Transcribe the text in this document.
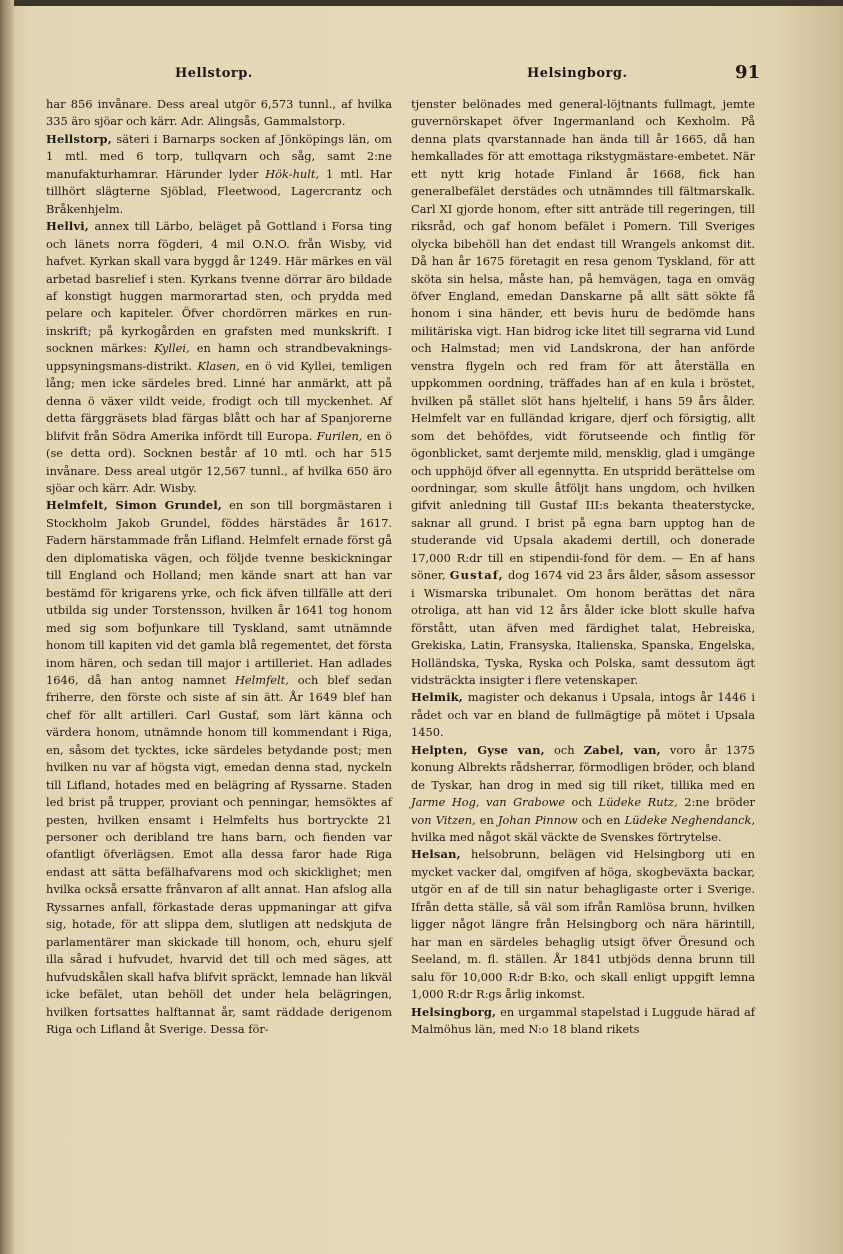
Hellstorp.	Helsingborg.	91

har 856 invånare. Dess areal utgör 6,573 tunnl., af hvilka 335 äro sjöar och kärr. Adr. Alingsås, Gammalstorp.

Hellstorp, säteri i Barnarps socken af Jönköpings län, om 1 mtl. med 6 torp, tullqvarn och såg, samt 2:ne manufakturhamrar. Härunder lyder Hök-hult, 1 mtl. Har tillhört slägterne Sjöblad, Fleetwood, Lagercrantz och Bråkenhjelm.

Hellvi, annex till Lärbo, beläget på Gottland i Forsa ting och länets norra fögderi, 4 mil O.N.O. från Wisby, vid hafvet. Kyrkan skall vara byggd år 1249. Här märkes en väl arbetad basrelief i sten. Kyrkans tvenne dörrar äro bildade af konstigt huggen marmorartad sten, och prydda med pelare och kapiteler. Öfver chordörren märkes en run-inskrift; på kyrkogården en grafsten med munkskrift. I socknen märkes: Kyllei, en hamn och strandbevaknings-uppsyningsmans-distrikt. Klasen, en ö vid Kyllei, temligen lång; men icke särdeles bred. Linné har anmärkt, att på denna ö växer vildt veide, frodigt och till myckenhet. Af detta färggräsets blad färgas blått och har af Spanjorerne blifvit från Södra Amerika infördt till Europa. Furilen, en ö (se detta ord). Socknen består af 10 mtl. och har 515 invånare. Dess areal utgör 12,567 tunnl., af hvilka 650 äro sjöar och kärr. Adr. Wisby.

Helmfelt, Simon Grundel, en son till borgmästaren i Stockholm Jakob Grundel, föddes härstädes år 1617. Fadern härstammade från Lifland. Helmfelt ernade först gå den diplomatiska vägen, och följde tvenne beskickningar till England och Holland; men kände snart att han var bestämd för krigarens yrke, och fick äfven tillfälle att deri utbilda sig under Torstensson, hvilken år 1641 tog honom med sig som bofjunkare till Tyskland, samt utnämnde honom till kapiten vid det gamla blå regementet, det första inom hären, och sedan till major i artilleriet. Han adlades 1646, då han antog namnet Helmfelt, och blef sedan friherre, den förste och siste af sin ätt. År 1649 blef han chef för allt artilleri. Carl Gustaf, som lärt känna och värdera honom, utnämnde honom till kommendant i Riga, en, såsom det tycktes, icke särdeles betydande post; men hvilken nu var af högsta vigt, emedan denna stad, nyckeln till Lifland, hotades med en belägring af Ryssarne. Staden led brist på trupper, proviant och penningar, hemsöktes af pesten, hvilken ensamt i Helmfelts hus bortryckte 21 personer och deribland tre hans barn, och fienden var ofantligt öfverlägsen. Emot alla dessa faror hade Riga endast att sätta befälhafvarens mod och skicklighet; men hvilka också ersatte frånvaron af allt annat. Han afslog alla Ryssarnes anfall, förkastade deras uppmaningar att gifva sig, hotade, för att slippa dem, slutligen att nedskjuta de parlamentärer man skickade till honom, och, ehuru sjelf illa sårad i hufvudet, hvarvid det till och med säges, att hufvudskålen skall hafva blifvit spräckt, lemnade han likväl icke befälet, utan behöll det under hela belägringen, hvilken fortsattes halftannat år, samt räddade derigenom Riga och Lifland åt Sverige. Dessa för-

tjenster belönades med general-löjtnants fullmagt, jemte guvernörskapet öfver Ingermanland och Kexholm. På denna plats qvarstannade han ända till år 1665, då han hemkallades för att emottaga rikstygmästare-embetet. När ett nytt krig hotade Finland år 1668, fick han generalbefälet derstädes och utnämndes till fältmarskalk. Carl XI gjorde honom, efter sitt anträde till regeringen, till riksråd, och gaf honom befälet i Pomern. Till Sveriges olycka bibehöll han det endast till Wrangels ankomst dit. Då han år 1675 företagit en resa genom Tyskland, för att sköta sin helsa, måste han, på hemvägen, taga en omväg öfver England, emedan Danskarne på allt sätt sökte få honom i sina händer, ett bevis huru de bedömde hans militäriska vigt. Han bidrog icke litet till segrarna vid Lund och Halmstad; men vid Landskrona, der han anförde venstra flygeln och red fram för att återställa en uppkommen oordning, träffades han af en kula i bröstet, hvilken på stället slöt hans hjeltelif, i hans 59 års ålder. Helmfelt var en fulländad krigare, djerf och försigtig, allt som det behöfdes, vidt förutseende och fintlig för ögonblicket, samt derjemte mild, mensklig, glad i umgänge och upphöjd öfver all egennytta. En utspridd berättelse om oordningar, som skulle åtföljt hans ungdom, och hvilken gifvit anledning till Gustaf III:s bekanta theaterstycke, saknar all grund. I brist på egna barn upptog han de studerande vid Upsala akademi dertill, och donerade 17,000 R:dr till en stipendii-fond för dem. — En af hans söner, Gustaf, dog 1674 vid 23 års ålder, såsom assessor i Wismarska tribunalet. Om honom berättas det nära otroliga, att han vid 12 års ålder icke blott skulle hafva förstått, utan äfven med färdighet talat, Hebreiska, Grekiska, Latin, Fransyska, Italienska, Spanska, Engelska, Holländska, Tyska, Ryska och Polska, samt dessutom ägt vidsträckta insigter i flere vetenskaper.

Helmik, magister och dekanus i Upsala, intogs år 1446 i rådet och var en bland de fullmägtige på mötet i Upsala 1450.

Helpten, Gyse van, och Zabel, van, voro år 1375 konung Albrekts rådsherrar, förmodligen bröder, och bland de Tyskar, han drog in med sig till riket, tillika med en Jarme Hog, van Grabowe och Lüdeke Rutz, 2:ne bröder von Vitzen, en Johan Pinnow och en Lüdeke Neghendanck, hvilka med något skäl väckte de Svenskes förtrytelse.

Helsan, helsobrunn, belägen vid Helsingborg uti en mycket vacker dal, omgifven af höga, skogbeväxta backar, utgör en af de till sin natur behagligaste orter i Sverige. Ifrån detta ställe, så väl som ifrån Ramlösa brunn, hvilken ligger något längre från Helsingborg och nära härintill, har man en särdeles behaglig utsigt öfver Öresund och Seeland, m. fl. ställen. År 1841 utbjöds denna brunn till salu för 10,000 R:dr B:ko, och skall enligt uppgift lemna 1,000 R:dr R:gs årlig inkomst.

Helsingborg, en urgammal stapelstad i Luggude härad af Malmöhus län, med N:o 18 bland rikets
